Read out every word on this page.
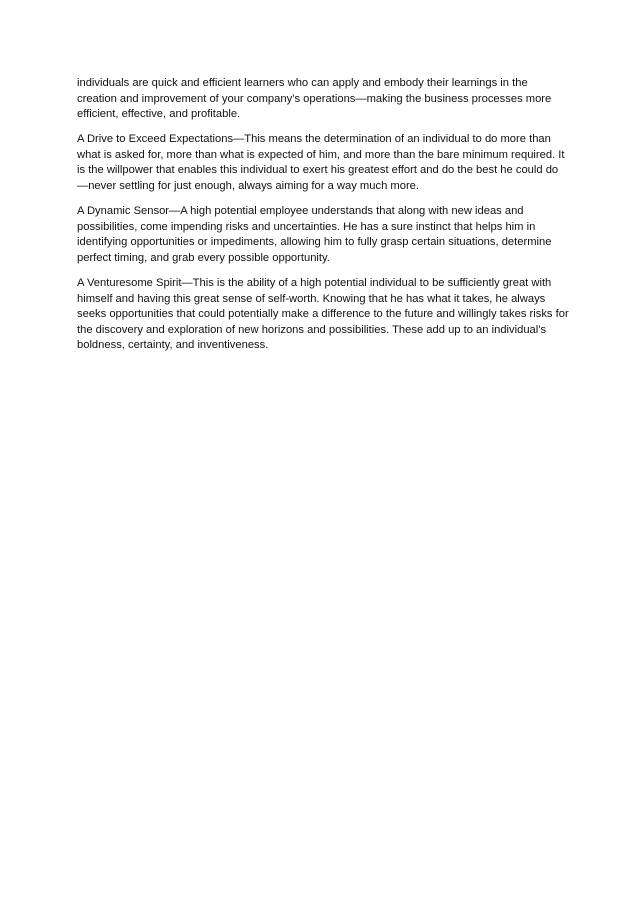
individuals are quick and efficient learners who can apply and embody their learnings in the creation and improvement of your company’s operations—making the business processes more efficient, effective, and profitable.

A Drive to Exceed Expectations—This means the determination of an individual to do more than what is asked for, more than what is expected of him, and more than the bare minimum required. It is the willpower that enables this individual to exert his greatest effort and do the best he could do—never settling for just enough, always aiming for a way much more.

A Dynamic Sensor—A high potential employee understands that along with new ideas and possibilities, come impending risks and uncertainties. He has a sure instinct that helps him in identifying opportunities or impediments, allowing him to fully grasp certain situations, determine perfect timing, and grab every possible opportunity.

A Venturesome Spirit—This is the ability of a high potential individual to be sufficiently great with himself and having this great sense of self-worth. Knowing that he has what it takes, he always seeks opportunities that could potentially make a difference to the future and willingly takes risks for the discovery and exploration of new horizons and possibilities. These add up to an individual’s boldness, certainty, and inventiveness.
